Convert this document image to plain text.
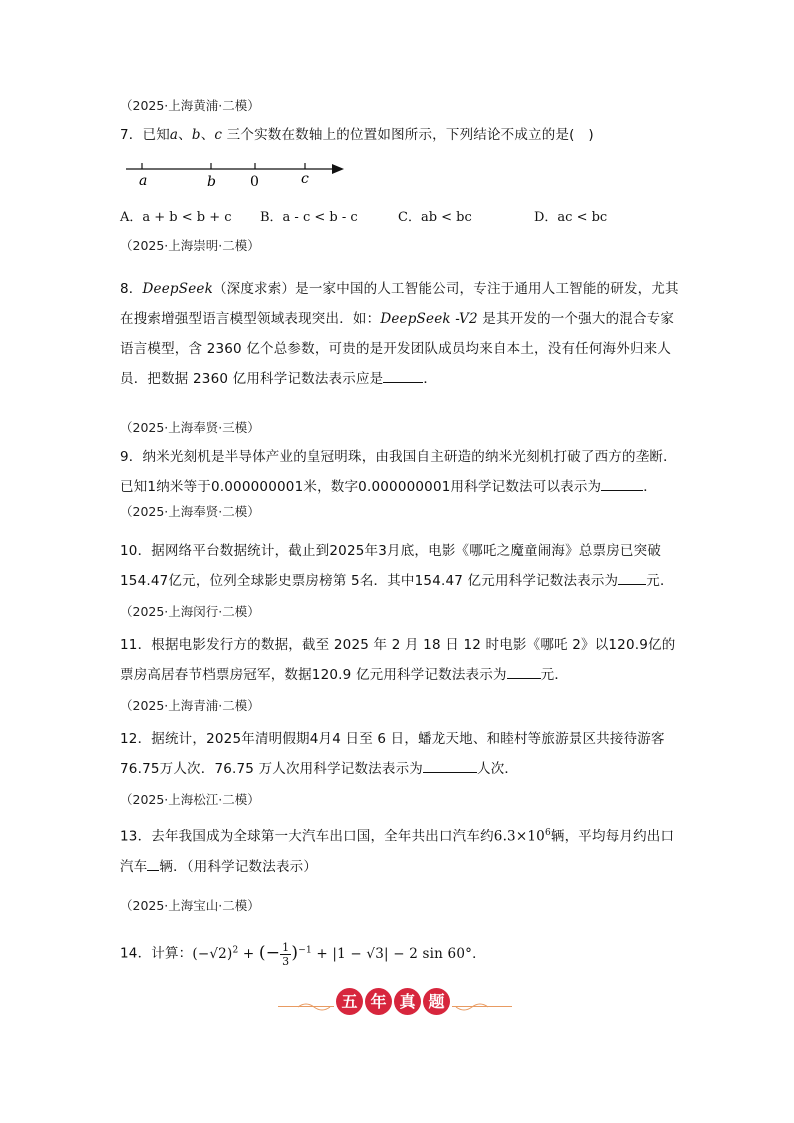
（2025·上海黄浦·二模）
7．已知a、b、c 三个实数在数轴上的位置如图所示，下列结论不成立的是(　)
a	b 0	c
A．a + b < b + c B．a - c < b - c	C．ab < bc	D．ac < bc
（2025·上海崇明·二模）
8．DeepSeek（深度求索）是一家中国的人工智能公司，专注于通用人工智能的研发，尤其在搜索增强型语言模型领域表现突出．如：DeepSeek -V2 是其开发的一个强大的混合专家语言模型，含 2360 亿个总参数，可贵的是开发团队成员均来自本土，没有任何海外归来人员．把数据 2360 亿用科学记数法表示应是	．
（2025·上海奉贤·三模）
9．纳米光刻机是半导体产业的皇冠明珠，由我国自主研造的纳米光刻机打破了西方的垄断．已知1纳米等于0.000000001米，数字0.000000001用科学记数法可以表示为	．
（2025·上海奉贤·二模）
10．据网络平台数据统计，截止到2025年3月底，电影《哪吒之魔童闹海》总票房已突破154.47亿元，位列全球影史票房榜第 5名．其中154.47 亿元用科学记数法表示为 元．
（2025·上海闵行·二模）
11．根据电影发行方的数据，截至 2025 年 2 月 18 日 12 时电影《哪吒 2》以120.9亿的票房高居春节档票房冠军，数据120.9 亿元用科学记数法表示为	元．
（2025·上海青浦·二模）
12．据统计，2025年清明假期4月4 日至 6 日，蟠龙天地、和睦村等旅游景区共接待游客76.75万人次．76.75 万人次用科学记数法表示为	人次．
（2025·上海松江·二模）
13．去年我国成为全球第一大汽车出口国，全年共出口汽车约$6.3\times 10^6$辆，平均每月约出口汽车 辆．（用科学记数法表示）
（2025·上海宝山·二模）
14．计算：$(-√2)^2$ + (− $\frac{1}{3} )^{-1} + |1 - √3| - 2$ sin 60°．
五 年 真 题
